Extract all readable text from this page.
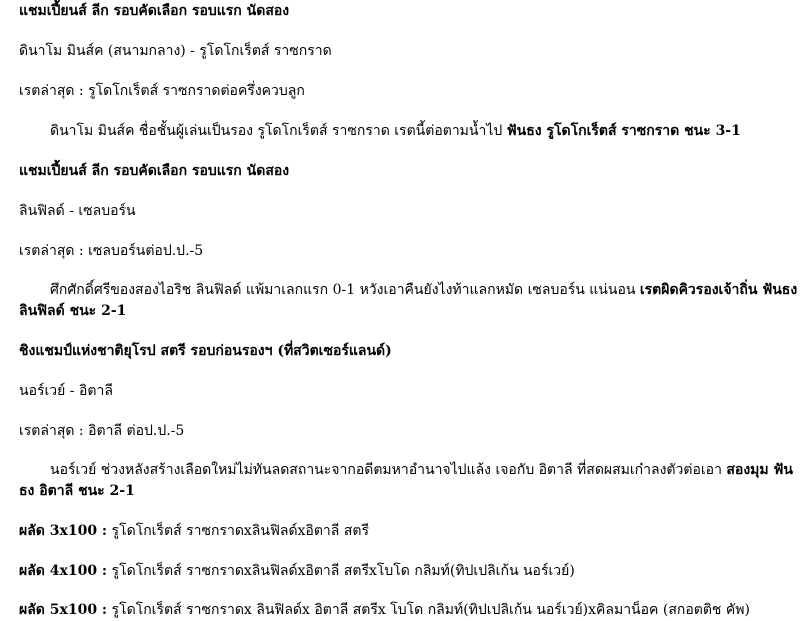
แชมเปี้ยนส์ ลีก รอบคัดเลือก รอบแรก นัดสอง
ดินาโม มินส์ค (สนามกลาง) - รูโดโกเร็ตส์ ราซกราด
เรตล่าสุด : รูโดโกเร็ตส์ ราซกราดต่อครึ่งควบลูก
ดินาโม มินส์ค ชื่อชั้นผู้เล่นเป็นรอง รูโดโกเร็ตส์ ราซกราด เรตนี้ต่อตามน้ำไป ฟันธง รูโดโกเร็ตส์ ราซกราด ชนะ 3-1
แชมเปี้ยนส์ ลีก รอบคัดเลือก รอบแรก นัดสอง
ลินฟิลด์ - เซลบอร์น
เรตล่าสุด : เซลบอร์นต่อป.ป.-5
ศึกศักดิ์ศรีของสองไอริช ลินฟิลด์ แพ้มาเลกแรก 0-1 หวังเอาคืนยังไงท้าแลกหมัด เซลบอร์น แน่นอน เรตผิดคิวรองเจ้าถิ่น ฟันธง ลินฟิลด์ ชนะ 2-1
ชิงแชมป์แห่งชาติยุโรป สตรี รอบก่อนรองฯ (ที่สวิตเซอร์แลนด์)
นอร์เวย์ - อิตาลี
เรตล่าสุด : อิตาลี ต่อป.ป.-5
นอร์เวย์ ช่วงหลังสร้างเลือดใหม่ไม่ทันลดสถานะจากอดีตมหาอำนาจไปแล้ง เจอกับ อิตาลี ที่สดผสมเก๋าลงตัวต่อเอา สองมุม ฟันธง อิตาลี ชนะ 2-1
ผลัด 3x100 : รูโดโกเร็ตส์ ราซกราดxลินฟิลด์xอิตาลี สตรี
ผลัด 4x100 : รูโดโกเร็ตส์ ราซกราดxลินฟิลด์xอิตาลี สตรีxโบโด กลิมท์(ทิปเปลิเก้น นอร์เวย์)
ผลัด 5x100 : รูโดโกเร็ตส์ ราซกราดx ลินฟิลด์x อิตาลี สตรีx โบโด กลิมท์(ทิปเปลิเก้น นอร์เวย์)xคิลมาน็อค (สกอตติช คัพ)
